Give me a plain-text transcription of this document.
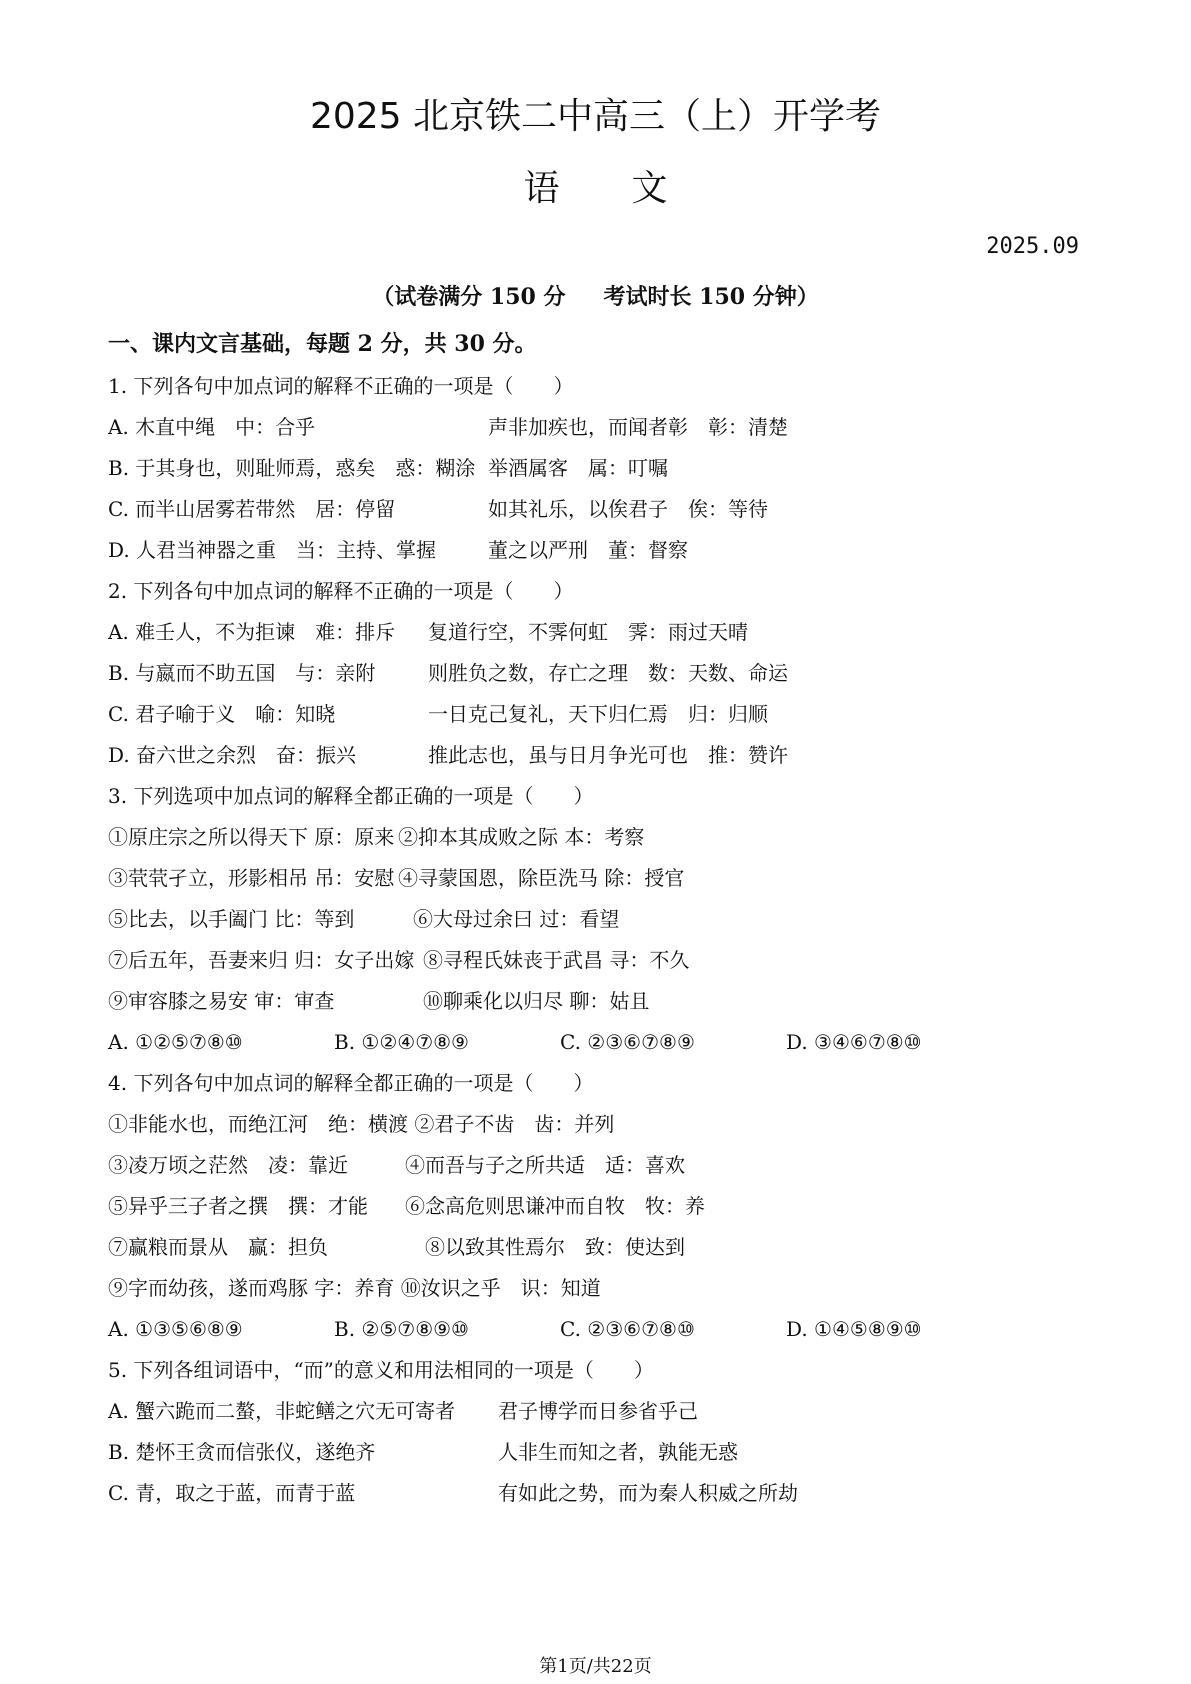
2025 北京铁二中高三（上）开学考
语 文
2025.09
（试卷满分 150 分 考试时长 150 分钟）
一、课内文言基础，每题 2 分，共 30 分。
1. 下列各句中加点词的解释不正确的一项是（　　）
A. 木直中绳　中：合乎	声非加疾也，而闻者彰　彰：清楚
B. 于其身也，则耻师焉，惑矣　惑：糊涂 举酒属客　属：叮嘱
C. 而半山居雾若带然　居：停留	如其礼乐，以俟君子　俟：等待
D. 人君当神器之重　当：主持、掌握	董之以严刑　董：督察
2. 下列各句中加点词的解释不正确的一项是（　　）
A. 难壬人，不为拒谏　难：排斥 复道行空，不霁何虹　霁：雨过天晴
B. 与嬴而不助五国　与：亲附	则胜负之数，存亡之理　数：天数、命运
C. 君子喻于义　喻：知晓	一日克己复礼，天下归仁焉　归：归顺
D. 奋六世之余烈　奋：振兴	推此志也，虽与日月争光可也　推：赞许
3. 下列选项中加点词的解释全都正确的一项是（　　）
①原庄宗之所以得天下 原：原来 ②抑本其成败之际 本：考察
③茕茕孑立，形影相吊 吊：安慰 ④寻蒙国恩，除臣洗马 除：授官
⑤比去，以手阖门 比：等到	⑥大母过余曰 过：看望
⑦后五年，吾妻来归 归：女子出嫁 ⑧寻程氏妹丧于武昌 寻：不久
⑨审容膝之易安 审：审查	⑩聊乘化以归尽 聊：姑且
A. ①②⑤⑦⑧⑩	B. ①②④⑦⑧⑨	C. ②③⑥⑦⑧⑨	D. ③④⑥⑦⑧⑩
4. 下列各句中加点词的解释全都正确的一项是（　　）
①非能水也，而绝江河　绝：横渡 ②君子不齿　齿：并列
③凌万顷之茫然　凌：靠近	④而吾与子之所共适　适：喜欢
⑤异乎三子者之撰　撰：才能 ⑥念高危则思谦冲而自牧　牧：养
⑦赢粮而景从　赢：担负	⑧以致其性焉尔　致：使达到
⑨字而幼孩，遂而鸡豚 字：养育 ⑩汝识之乎　识：知道
A. ①③⑤⑥⑧⑨	B. ②⑤⑦⑧⑨⑩	C. ②③⑥⑦⑧⑩	D. ①④⑤⑧⑨⑩
5. 下列各组词语中，“而”的意义和用法相同的一项是（　　）
A. 蟹六跪而二螯，非蛇鳝之穴无可寄者 君子博学而日参省乎己
B. 楚怀王贪而信张仪，遂绝齐	人非生而知之者，孰能无惑
C. 青，取之于蓝，而青于蓝	有如此之势，而为秦人积威之所劫
第1页/共22页
